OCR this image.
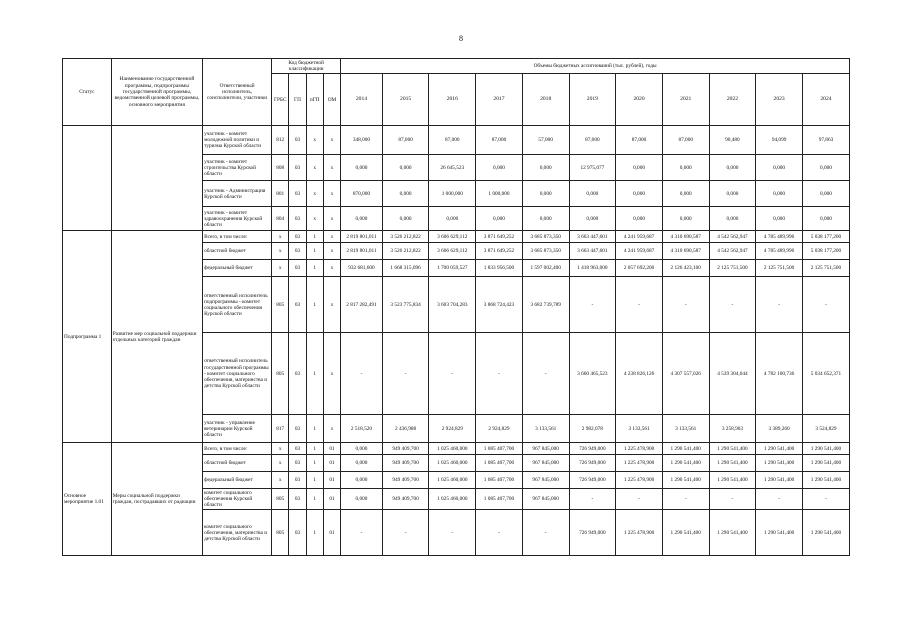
8
Статус	Наименование государственной программы, подпрограммы государственной программы, ведомственной целевой программы, основного мероприятия	Ответственный исполнитель, соисполнители, участники	Код бюджетной классификации				Объемы бюджетных ассигнований (тыс. рублей), годы										
			ГРБС	ГП	пГП	ОМ	2014	2015	2016	2017	2018	2019	2020	2021	2022	2023	2024
		участник - комитет молодежной политики и туризма Курской области	812	03	x	x	348,000	87,000	87,000	87,000	57,000	87,000	87,000	87,000	90,480	94,099	97,863
		участник - комитет строительства Курской области	808	03	x	x	0,000	0,000	26 645,523	0,000	0,000	12 975,077	0,000	0,000	0,000	0,000	0,000
		участник - Администрация Курской области	801	03	x	x	870,000	0,000	1 000,000	1 000,000	0,000	0,000	0,000	0,000	0,000	0,000	0,000
		участник - комитет здравоохранения Курской области	804	03	x	x	0,000	0,000	0,000	0,000	0,000	0,000	0,000	0,000	0,000	0,000	0,000
Подпрограмма 1	Развитие мер социальной поддержки отдельных категорий граждан	Всего, в том числе:	x	03	1	x	2 819 801,011	3 526 212,822	3 606 629,112	3 871 649,252	3 685 873,350	3 663 447,601	4 241 959,687	4 310 690,587	4 542 562,947	4 785 489,996	5 038 177,200
		областной бюджет	x	03	1	x	2 819 801,011	3 526 212,822	3 606 629,112	3 871 649,252	3 685 873,350	3 663 447,601	4 241 959,687	4 310 690,587	4 542 562,947	4 785 489,996	5 038 177,200
		федеральный бюджет	x	03	1	x	932 681,600	1 668 315,096	1 700 059,527	1 833 956,500	1 597 002,400	1 418 963,000	2 057 692,200	2 126 423,100	2 125 751,500	2 125 751,500	2 125 751,500
		ответственный исполнитель подпрограммы - комитет социального обеспечения Курской области	805	03	1	x	2 817 282,491	3 523 775,834	3 603 704,283	3 868 724,423	3 682 739,789	-	-	-	-	-	-
		ответственный исполнитель государственной программы - комитет социального обеспечения, материнства и детства Курской области	805	03	1	x	-	-	-	-	-	3 660 465,523	4 238 826,126	4 307 557,026	4 539 304,044	4 782 100,736	5 034 652,371
		участник - управление ветеринарии Курской области	817	03	1	x	2 518,520	2 436,988	2 924,829	2 924,829	3 133,561	2 982,078	3 133,561	3 133,561	3 258,903	3 389,260	3 524,829
Основное мероприятие 1.01	Меры социальной поддержки граждан, пострадавших от радиации	Всего, в том числе:	x	03	1	01	0,000	949 409,700	1 025 460,000	1 085 407,700	967 845,000	726 949,000	1 225 478,900	1 290 541,400	1 290 541,400	1 290 541,400	1 290 541,400
		областной бюджет	x	03	1	01	0,000	949 409,700	1 025 460,000	1 085 407,700	967 845,000	726 949,000	1 225 478,900	1 290 541,400	1 290 541,400	1 290 541,400	1 290 541,400
		федеральный бюджет	x	03	1	01	0,000	949 409,700	1 025 460,000	1 085 407,700	967 845,000	726 949,000	1 225 478,900	1 290 541,400	1 290 541,400	1 290 541,400	1 290 541,400
		комитет социального обеспечения Курской области	805	03	1	01	0,000	949 409,700	1 025 460,000	1 085 407,700	967 845,000	-	-	-	-	-	-
		комитет социального обеспечения, материнства и детства Курской области	805	03	1	01	-	-	-	-	-	726 949,000	1 225 478,900	1 290 541,400	1 290 541,400	1 290 541,400	1 290 541,400
